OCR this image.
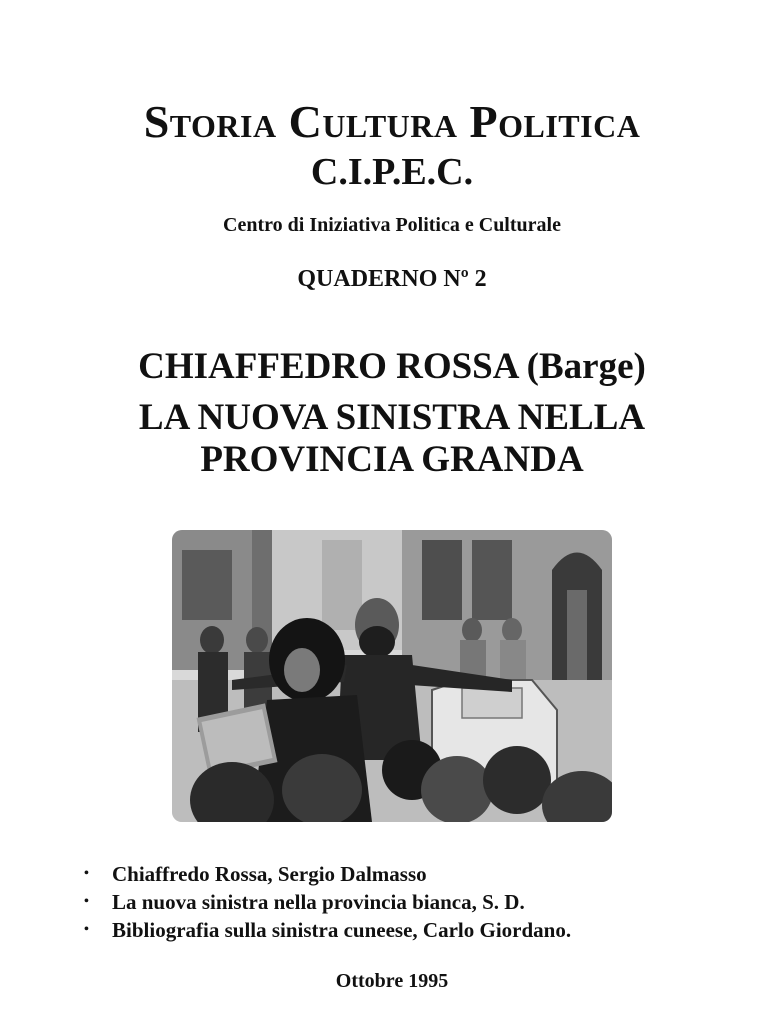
Storia Cultura Politica
C.I.P.E.C.
Centro di Iniziativa Politica e Culturale
QUADERNO Nº 2
CHIAFFEDRO ROSSA (Barge)
LA NUOVA SINISTRA NELLA
PROVINCIA GRANDA
• Chiaffredo Rossa, Sergio Dalmasso
• La nuova sinistra nella provincia bianca, S. D.
• Bibliografia sulla sinistra cuneese, Carlo Giordano.
Ottobre 1995
